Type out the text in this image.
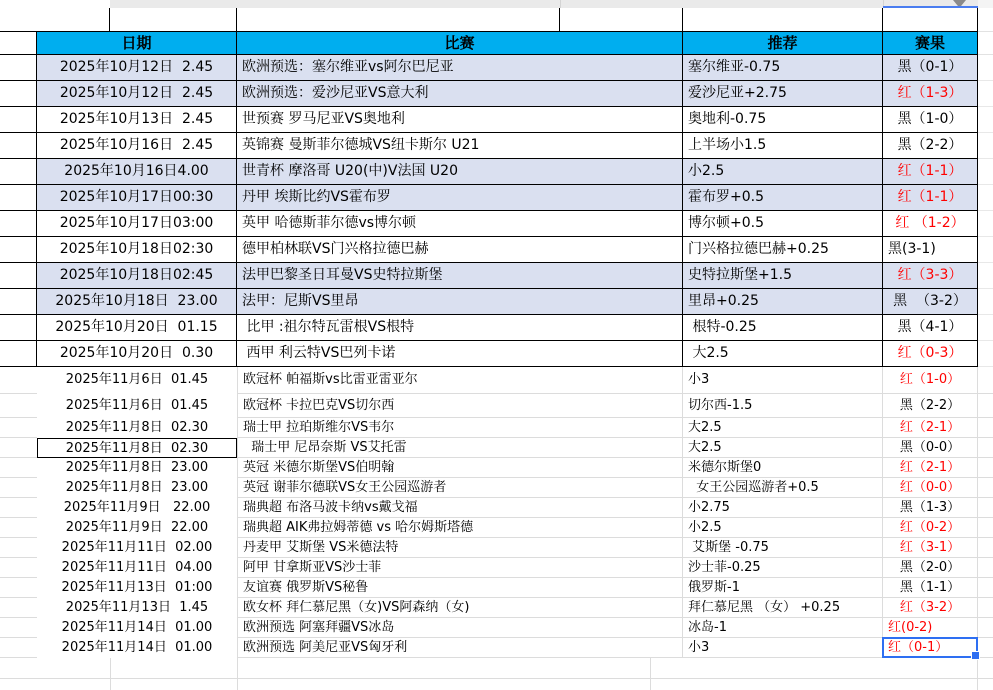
日期	比赛	推荐	赛果
2025年10月12日  2.45	欧洲预选：塞尔维亚vs阿尔巴尼亚	塞尔维亚-0.75	黑（0-1）
2025年10月12日  2.45	欧洲预选：爱沙尼亚VS意大利	爱沙尼亚+2.75	红（1-3）
2025年10月13日  2.45	世预赛 罗马尼亚VS奥地利	奥地利-0.75	黑（1-0）
2025年10月16日  2.45	英锦赛 曼斯菲尔德城VS纽卡斯尔 U21	上半场小1.5	黑（2-2）
2025年10月16日4.00	世青杯 摩洛哥 U20(中)V法国 U20	小2.5	红（1-1）
2025年10月17日00:30	丹甲 埃斯比约VS霍布罗	霍布罗+0.5	红（1-1）
2025年10月17日03:00	英甲 哈德斯菲尔德vs博尔顿	博尔顿+0.5	红 （1-2）
2025年10月18日02:30	德甲柏林联VS门兴格拉德巴赫	门兴格拉德巴赫+0.25	黑(3-1)
2025年10月18日02:45	法甲巴黎圣日耳曼VS史特拉斯堡	史特拉斯堡+1.5	红（3-3）
2025年10月18日  23.00	法甲：尼斯VS里昂	里昂+0.25	黑  （3-2）
2025年10月20日  01.15	比甲 :祖尔特瓦雷根VS根特	根特-0.25	黑（4-1）
2025年10月20日  0.30	西甲 利云特VS巴列卡诺	大2.5	红（0-3）
2025年11月6日  01.45	欧冠杯 帕福斯vs比雷亚雷亚尔	小3	红（1-0）
2025年11月6日  01.45	欧冠杯 卡拉巴克VS切尔西	切尔西-1.5	黑（2-2）
2025年11月8日  02.30	瑞士甲 拉珀斯维尔VS韦尔	大2.5	红（2-1）
2025年11月8日  02.30	瑞士甲 尼昂奈斯 VS艾托雷	大2.5	黑（0-0）
2025年11月8日  23.00	英冠 米德尔斯堡VS伯明翰	米德尔斯堡0	红（2-1）
2025年11月8日  23.00	英冠 谢菲尔德联VS女王公园巡游者	女王公园巡游者+0.5	红（0-0）
2025年11月9日   22.00	瑞典超 布洛马波卡纳vs戴戈福	小2.75	黑（1-3）
2025年11月9日  22.00	瑞典超 AIK弗拉姆蒂德 vs 哈尔姆斯塔德	小2.5	红（0-2）
2025年11月11日  02.00	丹麦甲 艾斯堡 VS米德法特	艾斯堡 -0.75	红（3-1）
2025年11月11日  04.00	阿甲 甘拿斯亚VS沙士菲	沙士菲-0.25	黑（2-0）
2025年11月13日  01:00	友谊赛 俄罗斯VS秘鲁	俄罗斯-1	黑（1-1）
2025年11月13日  1.45	欧女杯 拜仁慕尼黑（女)VS阿森纳（女)	拜仁慕尼黑 （女） +0.25	红（3-2）
2025年11月14日  01.00	欧洲预选 阿塞拜疆VS冰岛	冰岛-1	红(0-2)
2025年11月14日  01.00	欧洲预选 阿美尼亚VS匈牙利	小3	红（0-1）
